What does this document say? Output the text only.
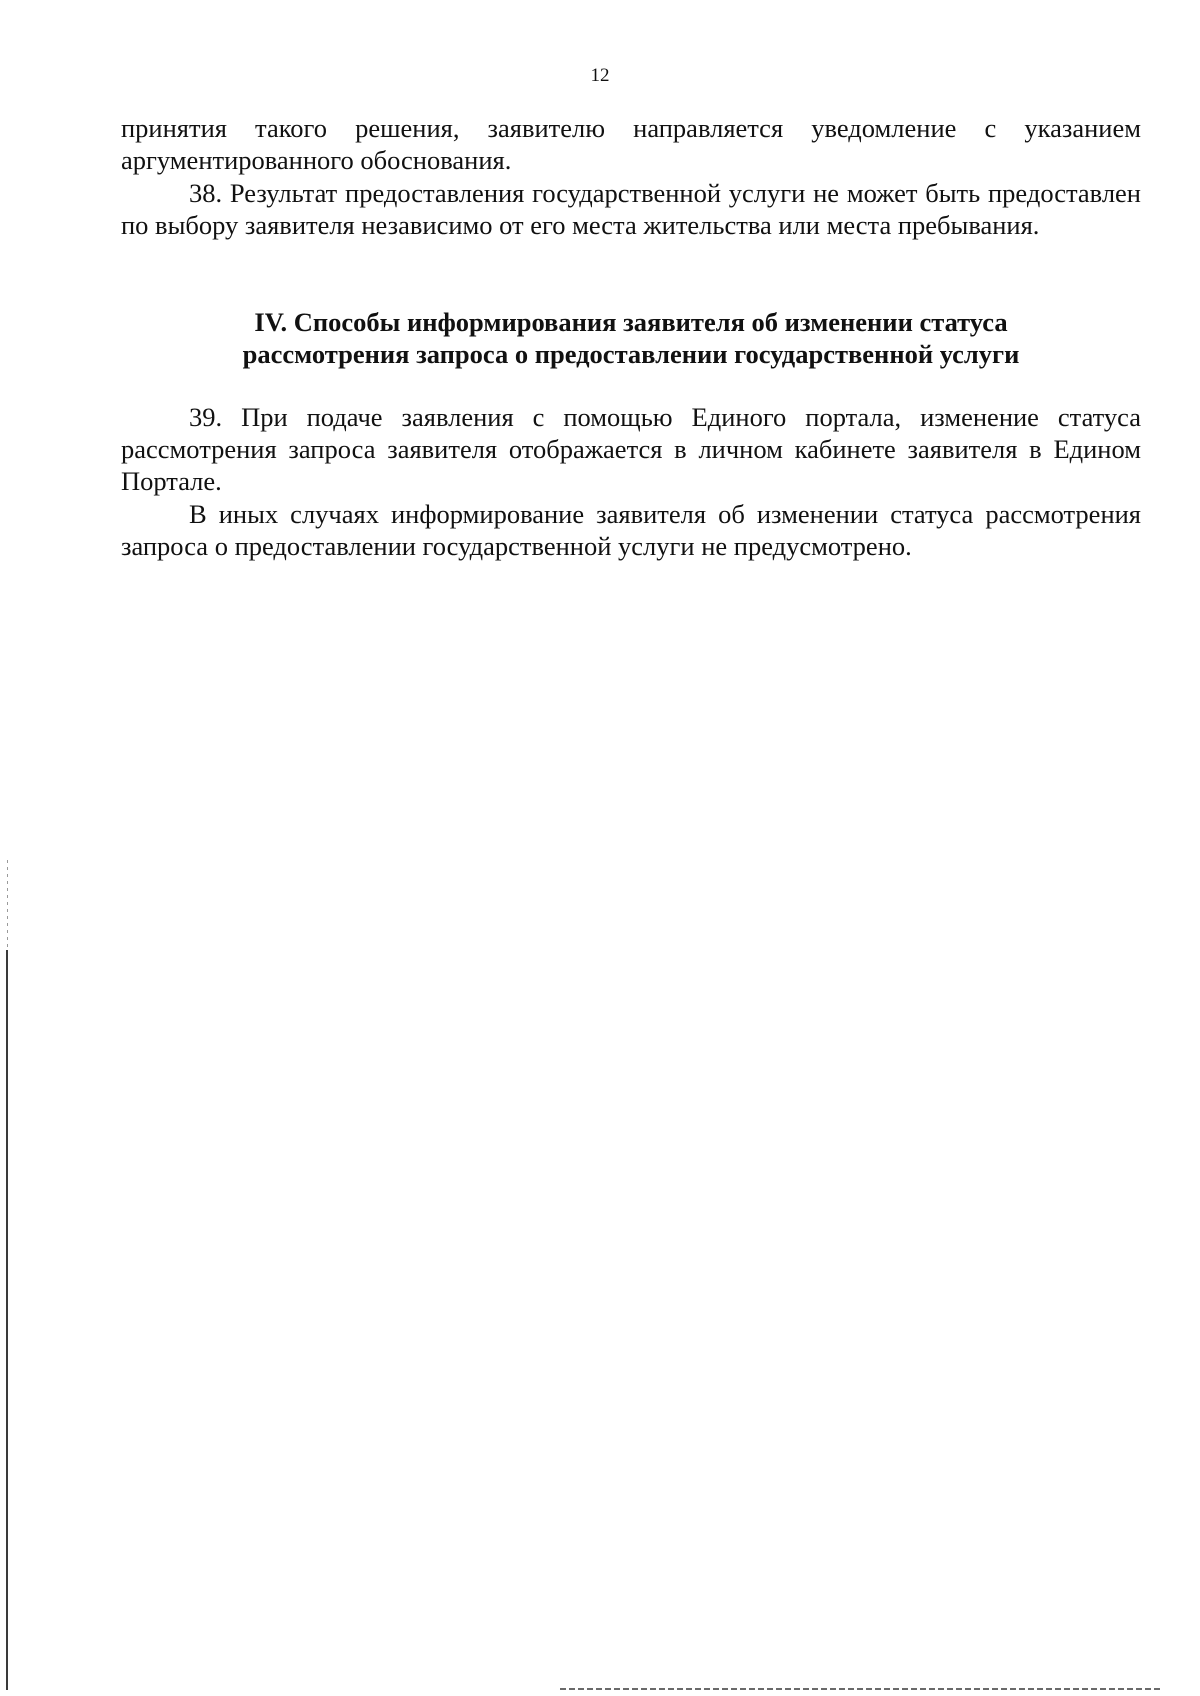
12

принятия такого решения, заявителю направляется уведомление с указанием аргументированного обоснования.

38. Результат предоставления государственной услуги не может быть предоставлен по выбору заявителя независимо от его места жительства или места пребывания.

IV. Способы информирования заявителя об изменении статуса
рассмотрения запроса о предоставлении государственной услуги

39. При подаче заявления с помощью Единого портала, изменение статуса рассмотрения запроса заявителя отображается в личном кабинете заявителя в Едином Портале.

В иных случаях информирование заявителя об изменении статуса рассмотрения запроса о предоставлении государственной услуги не предусмотрено.
